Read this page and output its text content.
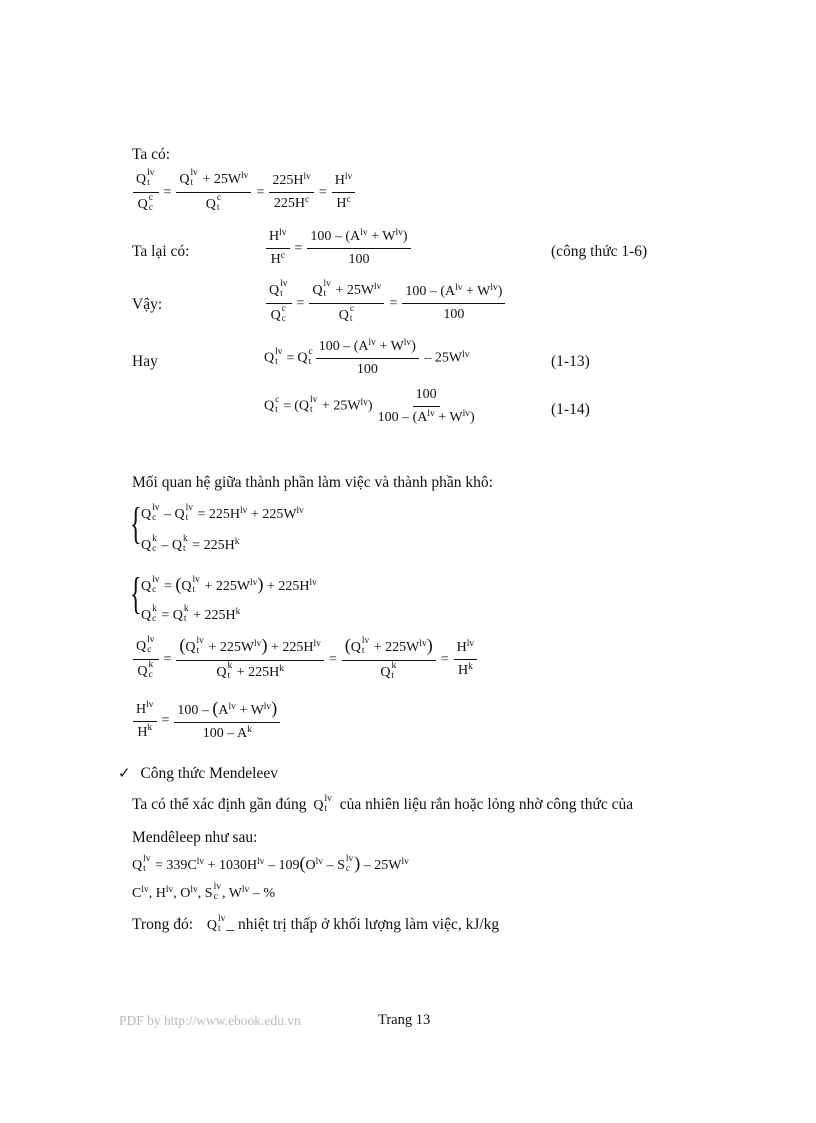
Ta có:
Q lv
t
Q c
c = Q lv
$t + 25W^{lv}$
Q c
$t = \frac{225H^{lv}}{225H^c} = \frac{H^{lv}}{H^c}$
Ta lại có:	$\frac{H^{lv}}{H^c} = \frac{100 - (A^{lv} + W^{lv})}{100}$	(công thức 1-6)
Vậy:	Q lv
t
Q c
c = Q lv
$t + 25W^{lv}$
Q c
$t = \frac{100 - (A^{lv} + W^{lv})}{100}$
Hay	Q lv
t = Q c
t $\frac{100 - (A^{lv} + W^{lv})}{100} - 25W^{lv}$	(1-13)
Q c
t = (Q lv
$t + 25W^{lv}) \frac{100}{100 - (A^{lv} + W^{lv})}$	(1-14)
Mối quan hệ giữa thành phần làm việc và thành phần khô:
{ Q lv
c – Q lv
$t = 225H^{lv} + 225W^{lv}$
Q k
c – Q k
$t = 225H^k$
{ Q lv
c = (Q lv
$t + 225W^{lv}) + 225H^{lv}$
Q k
c = Q k
$t + 225H^k$
Q lv
c
Q k
c = (Q lv
$t + 225W^{lv}) + 225H^{lv}$
Q k
$t + 225H^k = (Q$ lv
$t + 225W^{lv}$)
Q k
$t = \frac{H^{lv}}{H^k}$
$\frac{H^{lv}}{H^k} = \frac{100 - (A^{lv} + W^{lv})}{100 - A^k}$
✓ Công thức Mendeleev
Ta có thể xác định gần đúng Q lv
t của nhiên liệu rắn hoặc lỏng nhờ công thức của
Mendêleep như sau:
Q lv
$t = 339C^{lv} + 1030H^{lv} - 109(O^{lv} - S$ lv
c ) – $25W^{lv}$
$C^{lv}$, $H^{lv}$, $O^{lv}$, S lv
c , $W^{lv}$ – %
Trong đó: Q lv
t _ nhiệt trị thấp ở khối lượng làm việc, kJ/kg
PDF by http://www.ebook.edu.vn	Trang 13
